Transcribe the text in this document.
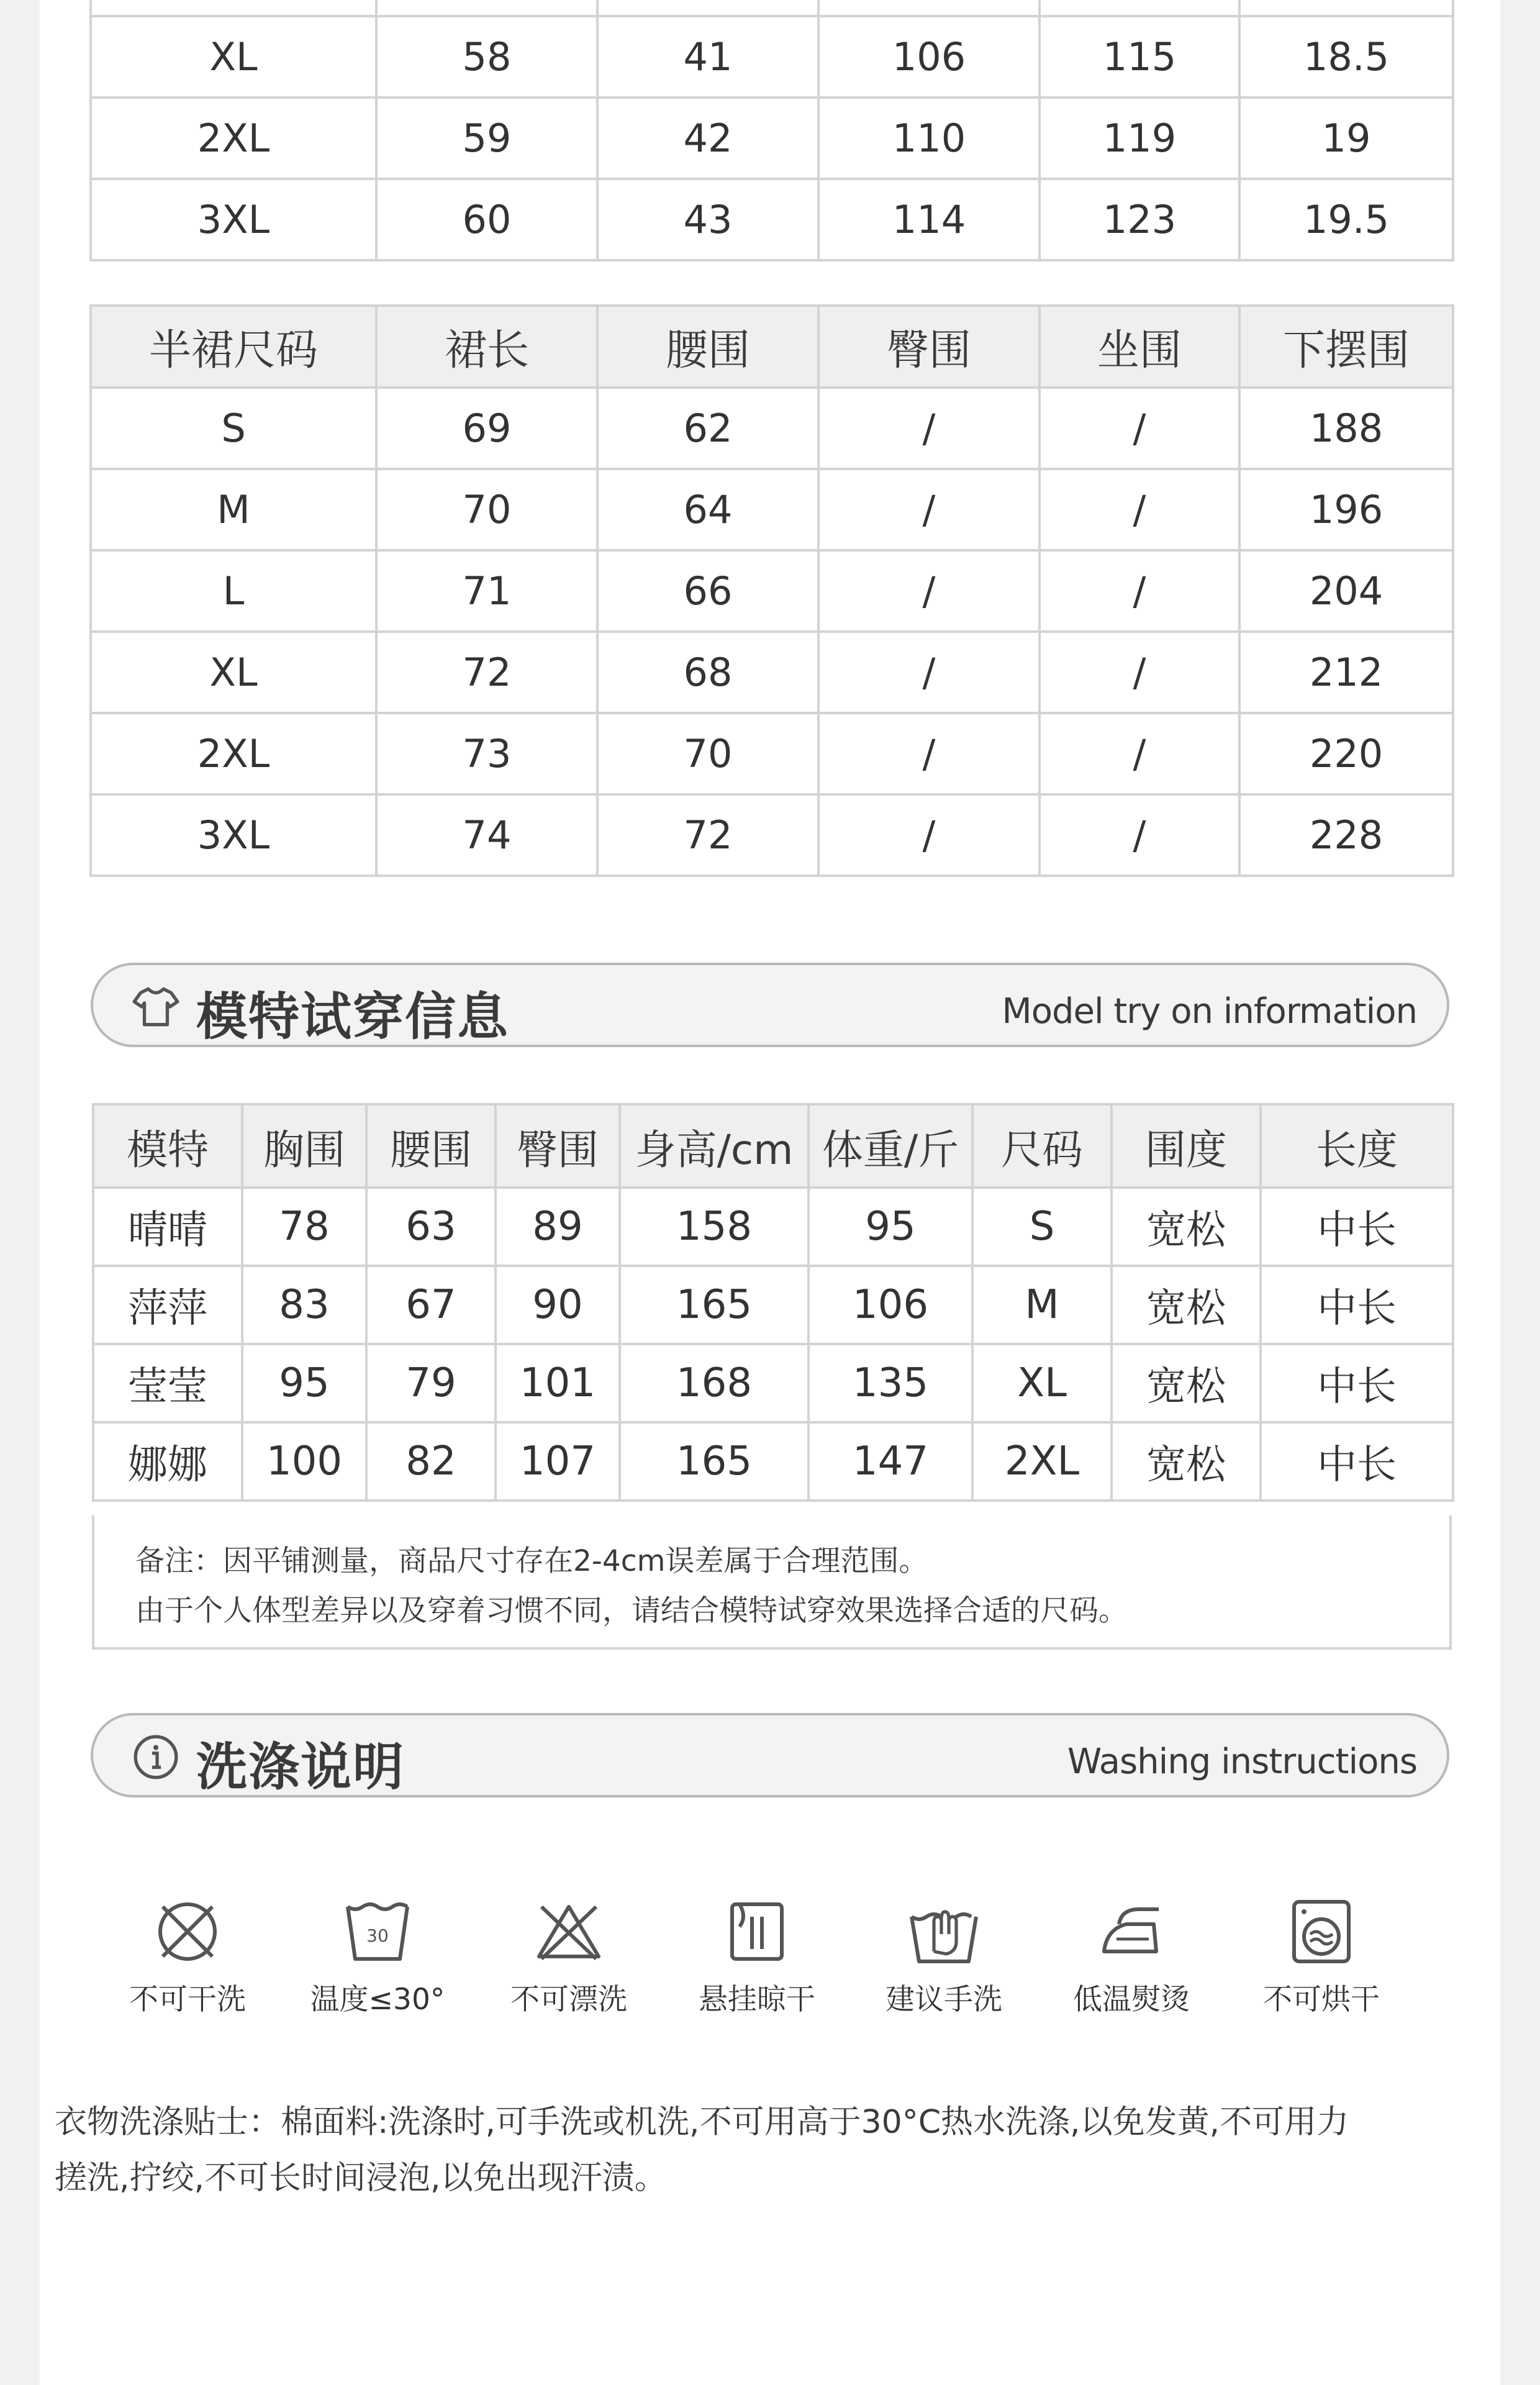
XL	58	41	106	115	18.5
2XL	59	42	110	119	19
3XL	60	43	114	123	19.5
半裙尺码	裙长	腰围	臀围	坐围	下摆围
S	69	62	/	/	188
M	70	64	/	/	196
L	71	66	/	/	204
XL	72	68	/	/	212
2XL	73	70	/	/	220
3XL	74	72	/	/	228
模特试穿信息	Model try on information
模特	胸围	腰围	臀围	身高/cm	体重/斤	尺码	围度	长度
晴晴	78	63	89	158	95	S	宽松	中长
萍萍	83	67	90	165	106	M	宽松	中长
莹莹	95	79	101	168	135	XL	宽松	中长
娜娜	100	82	107	165	147	2XL	宽松	中长
备注：因平铺测量，商品尺寸存在2-4cm误差属于合理范围。
由于个人体型差异以及穿着习惯不同，请结合模特试穿效果选择合适的尺码。
洗涤说明	Washing instructions
不可干洗
30
温度≤30°	不可漂洗	悬挂晾干	建议手洗	低温熨烫	不可烘干
衣物洗涤贴士：棉面料:洗涤时,可手洗或机洗,不可用高于30°C热水洗涤,以免发黄,不可用力
搓洗,拧绞,不可长时间浸泡,以免出现汗渍。
